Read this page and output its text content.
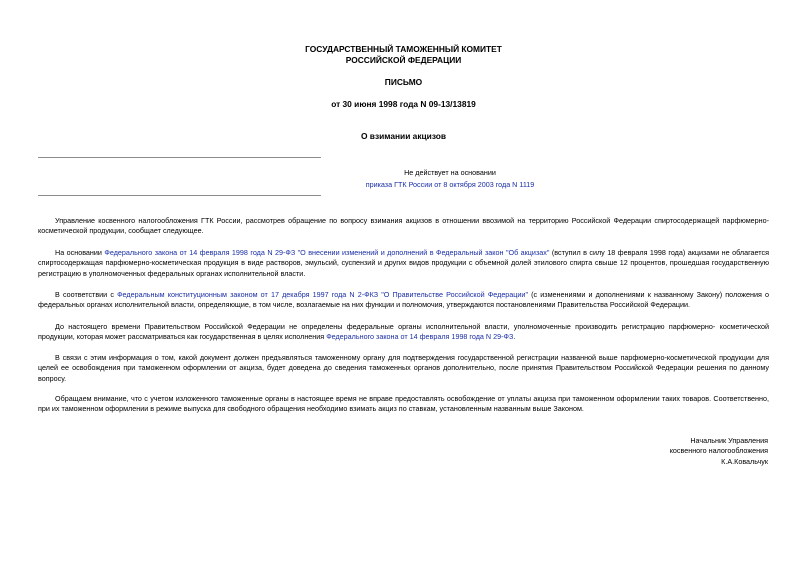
ГОСУДАРСТВЕННЫЙ ТАМОЖЕННЫЙ КОМИТЕТ
РОССИЙСКОЙ ФЕДЕРАЦИИ
ПИСЬМО
от 30 июня 1998 года N 09-13/13819
О взимании акцизов
Не действует на основании
приказа ГТК России от 8 октября 2003 года N 1119
Управление косвенного налогообложения ГТК России, рассмотрев обращение по вопросу взимания акцизов в отношении ввозимой на территорию Российской Федерации спиртосодержащей парфюмерно-косметической продукции, сообщает следующее.
На основании Федерального закона от 14 февраля 1998 года N 29-ФЗ "О внесении изменений и дополнений в Федеральный закон "Об акцизах" (вступил в силу 18 февраля 1998 года) акцизами не облагается спиртосодержащая парфюмерно-косметическая продукция в виде растворов, эмульсий, суспензий и других видов продукции с объемной долей этилового спирта свыше 12 процентов, прошедшая государственную регистрацию в уполномоченных федеральных органах исполнительной власти.
В соответствии с Федеральным конституционным законом от 17 декабря 1997 года N 2-ФКЗ "О Правительстве Российской Федерации" (с изменениями и дополнениями к названному Закону) положения о федеральных органах исполнительной власти, определяющие, в том числе, возлагаемые на них функции и полномочия, утверждаются постановлениями Правительства Российской Федерации.
До настоящего времени Правительством Российской Федерации не определены федеральные органы исполнительной власти, уполномоченные производить регистрацию парфюмерно- косметической продукции, которая может рассматриваться как государственная в целях исполнения Федерального закона от 14 февраля 1998 года N 29-ФЗ.
В связи с этим информация о том, какой документ должен предъявляться таможенному органу для подтверждения государственной регистрации названной выше парфюмерно-косметической продукции для целей ее освобождения при таможенном оформлении от акциза, будет доведена до сведения таможенных органов дополнительно, после принятия Правительством Российской Федерации решения по данному вопросу.
Обращаем внимание, что с учетом изложенного таможенные органы в настоящее время не вправе предоставлять освобождение от уплаты акциза при таможенном оформлении таких товаров. Соответственно, при их таможенном оформлении в режиме выпуска для свободного обращения необходимо взимать акциз по ставкам, установленным названным выше Законом.
Начальник Управления
косвенного налогообложения
К.А.Ковальчук
